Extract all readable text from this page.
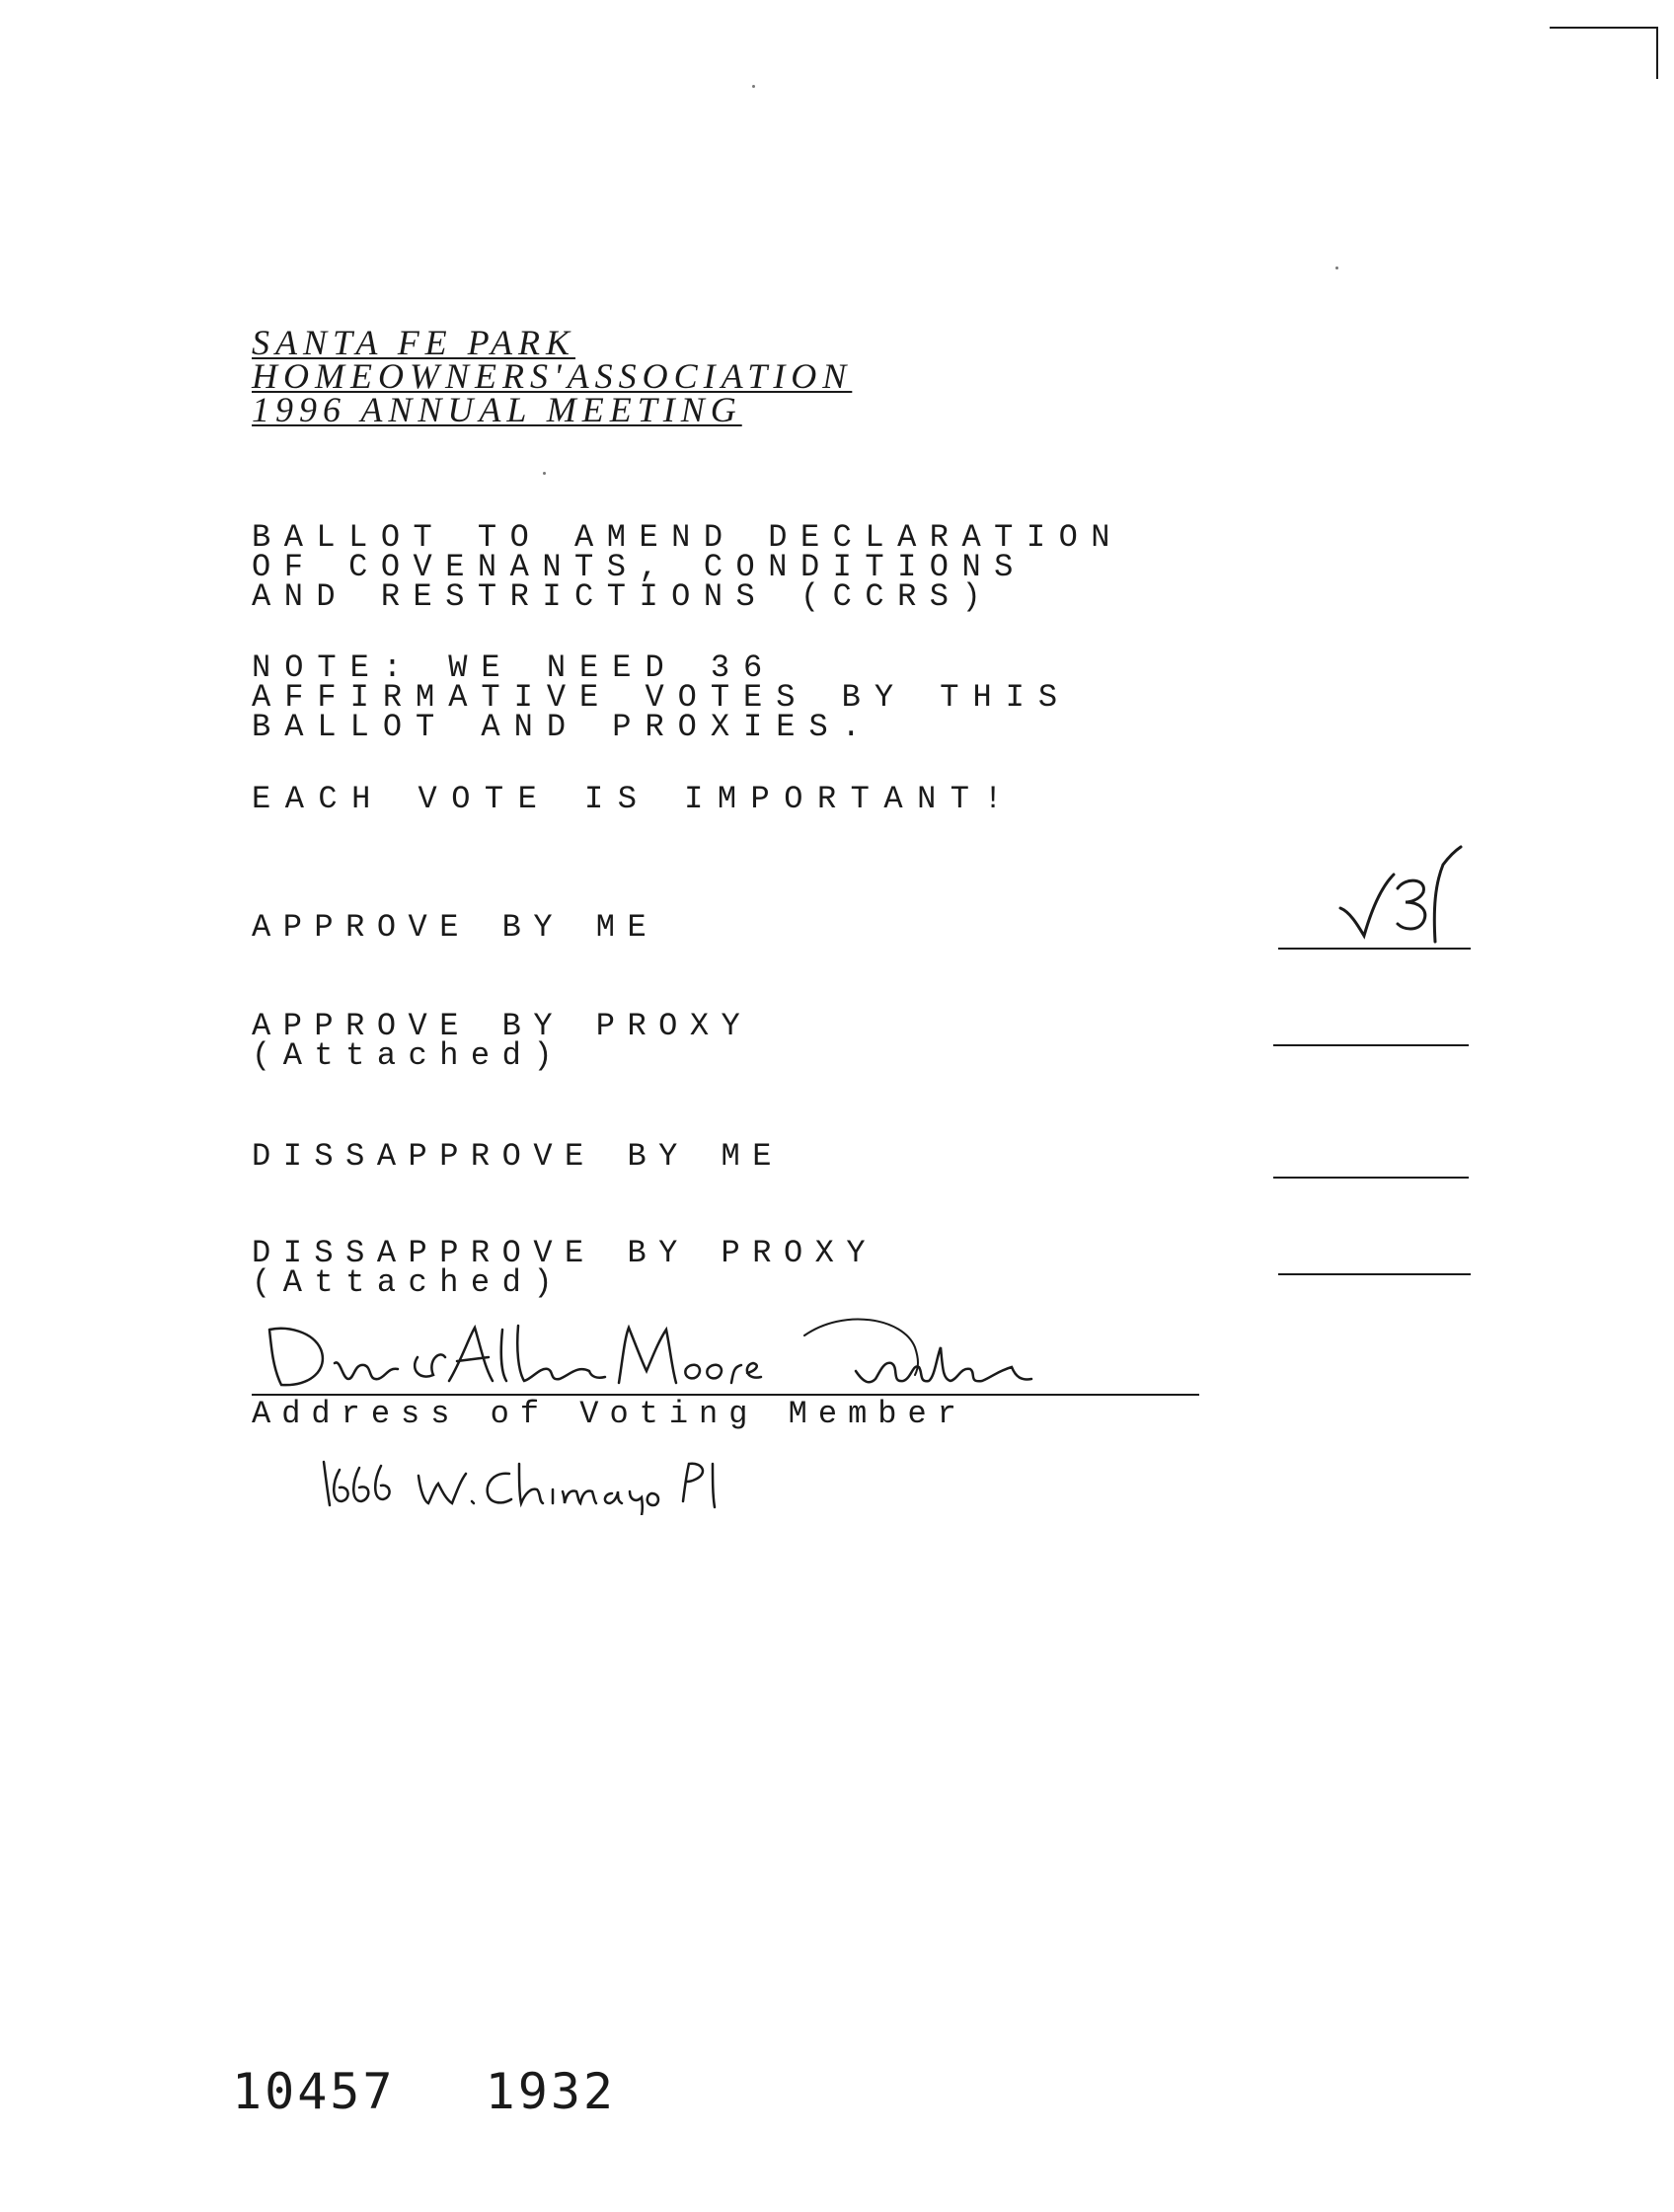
SANTA FE PARK
HOMEOWNERS'ASSOCIATION
1996 ANNUAL MEETING
BALLOT TO AMEND DECLARATION
OF COVENANTS, CONDITIONS
AND RESTRICTIONS (CCRS)
NOTE: WE NEED 36
AFFIRMATIVE VOTES BY THIS
BALLOT AND PROXIES.
EACH VOTE IS IMPORTANT!
APPROVE BY ME
APPROVE BY PROXY
(Attached)
DISSAPPROVE BY ME
DISSAPPROVE BY PROXY
(Attached)
Address of Voting Member
10457 1932
